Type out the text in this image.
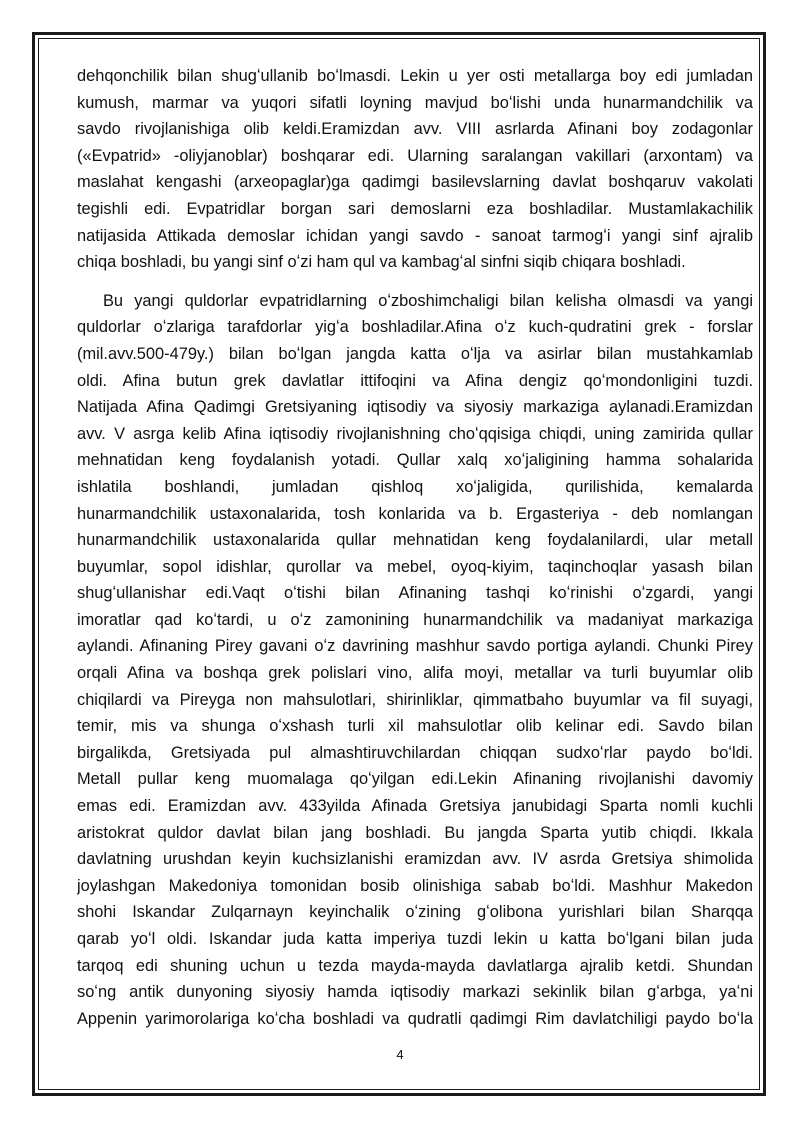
dehqonchilik bilan shugʻullanib boʻlmasdi. Lekin u yer osti metallarga boy edi jumladan
kumush, marmar va yuqori sifatli loyning mavjud boʻlishi unda hunarmandchilik va
savdo rivojlanishiga olib keldi.Eramizdan avv. VIII asrlarda Afinani boy zodagonlar
(«Evpatrid» -oliyjanoblar) boshqarar edi. Ularning saralangan vakillari (arxontam) va
maslahat kengashi (arxeopaglar)ga qadimgi basilevslarning davlat boshqaruv vakolati
tegishli edi. Evpatridlar borgan sari demoslarni eza boshladilar. Mustamlakachilik
natijasida Attikada demoslar ichidan yangi savdo - sanoat tarmogʻi yangi sinf ajralib
chiqa boshladi, bu yangi sinf oʻzi ham qul va kambagʻal sinfni siqib chiqara boshladi.
Bu yangi quldorlar evpatridlarning oʻzboshimchaligi bilan kelisha olmasdi va yangi
quldorlar oʻzlariga tarafdorlar yigʻa boshladilar.Afina oʻz kuch-qudratini grek - forslar
(mil.avv.500-479y.) bilan boʻlgan jangda katta oʻlja va asirlar bilan mustahkamlab
oldi. Afina butun grek davlatlar ittifoqini va Afina dengiz qoʻmondonligini tuzdi.
Natijada Afina Qadimgi Gretsiyaning iqtisodiy va siyosiy markaziga aylanadi.Eramizdan
avv. V asrga kelib Afina iqtisodiy rivojlanishning choʻqqisiga chiqdi, uning zamirida qullar
mehnatidan keng foydalanish yotadi. Qullar xalq xoʻjaligining hamma sohalarida
ishlatila boshlandi, jumladan qishloq xoʻjaligida, qurilishida, kemalarda
hunarmandchilik ustaxonalarida, tosh konlarida va b. Ergasteriya - deb nomlangan
hunarmandchilik ustaxonalarida qullar mehnatidan keng foydalanilardi, ular metall
buyumlar, sopol idishlar, qurollar va mebel, oyoq-kiyim, taqinchoqlar yasash bilan
shugʻullanishar edi.Vaqt oʻtishi bilan Afinaning tashqi koʻrinishi oʻzgardi, yangi
imoratlar qad koʻtardi, u oʻz zamonining hunarmandchilik va madaniyat markaziga
aylandi. Afinaning Pirey gavani oʻz davrining mashhur savdo portiga aylandi. Chunki Pirey
orqali Afina va boshqa grek polislari vino, alifa moyi, metallar va turli buyumlar olib
chiqilardi va Pireyga non mahsulotlari, shirinliklar, qimmatbaho buyumlar va fil suyagi,
temir, mis va shunga oʻxshash turli xil mahsulotlar olib kelinar edi. Savdo bilan
birgalikda, Gretsiyada pul almashtiruvchilardan chiqqan sudxoʻrlar paydo boʻldi.
Metall pullar keng muomalaga qoʻyilgan edi.Lekin Afinaning rivojlanishi davomiy
emas edi. Eramizdan avv. 433yilda Afinada Gretsiya janubidagi Sparta nomli kuchli
aristokrat quldor davlat bilan jang boshladi. Bu jangda Sparta yutib chiqdi. Ikkala
davlatning urushdan keyin kuchsizlanishi eramizdan avv. IV asrda Gretsiya shimolida
joylashgan Makedoniya tomonidan bosib olinishiga sabab boʻldi. Mashhur Makedon
shohi Iskandar Zulqarnayn keyinchalik oʻzining gʻolibona yurishlari bilan Sharqqa
qarab yoʻl oldi. Iskandar juda katta imperiya tuzdi lekin u katta boʻlgani bilan juda
tarqoq edi shuning uchun u tezda mayda-mayda davlatlarga ajralib ketdi. Shundan
soʻng antik dunyoning siyosiy hamda iqtisodiy markazi sekinlik bilan gʻarbga, yaʻni
Appenin yarimorolariga koʻcha boshladi va qudratli qadimgi Rim davlatchiligi paydo boʻla
4
